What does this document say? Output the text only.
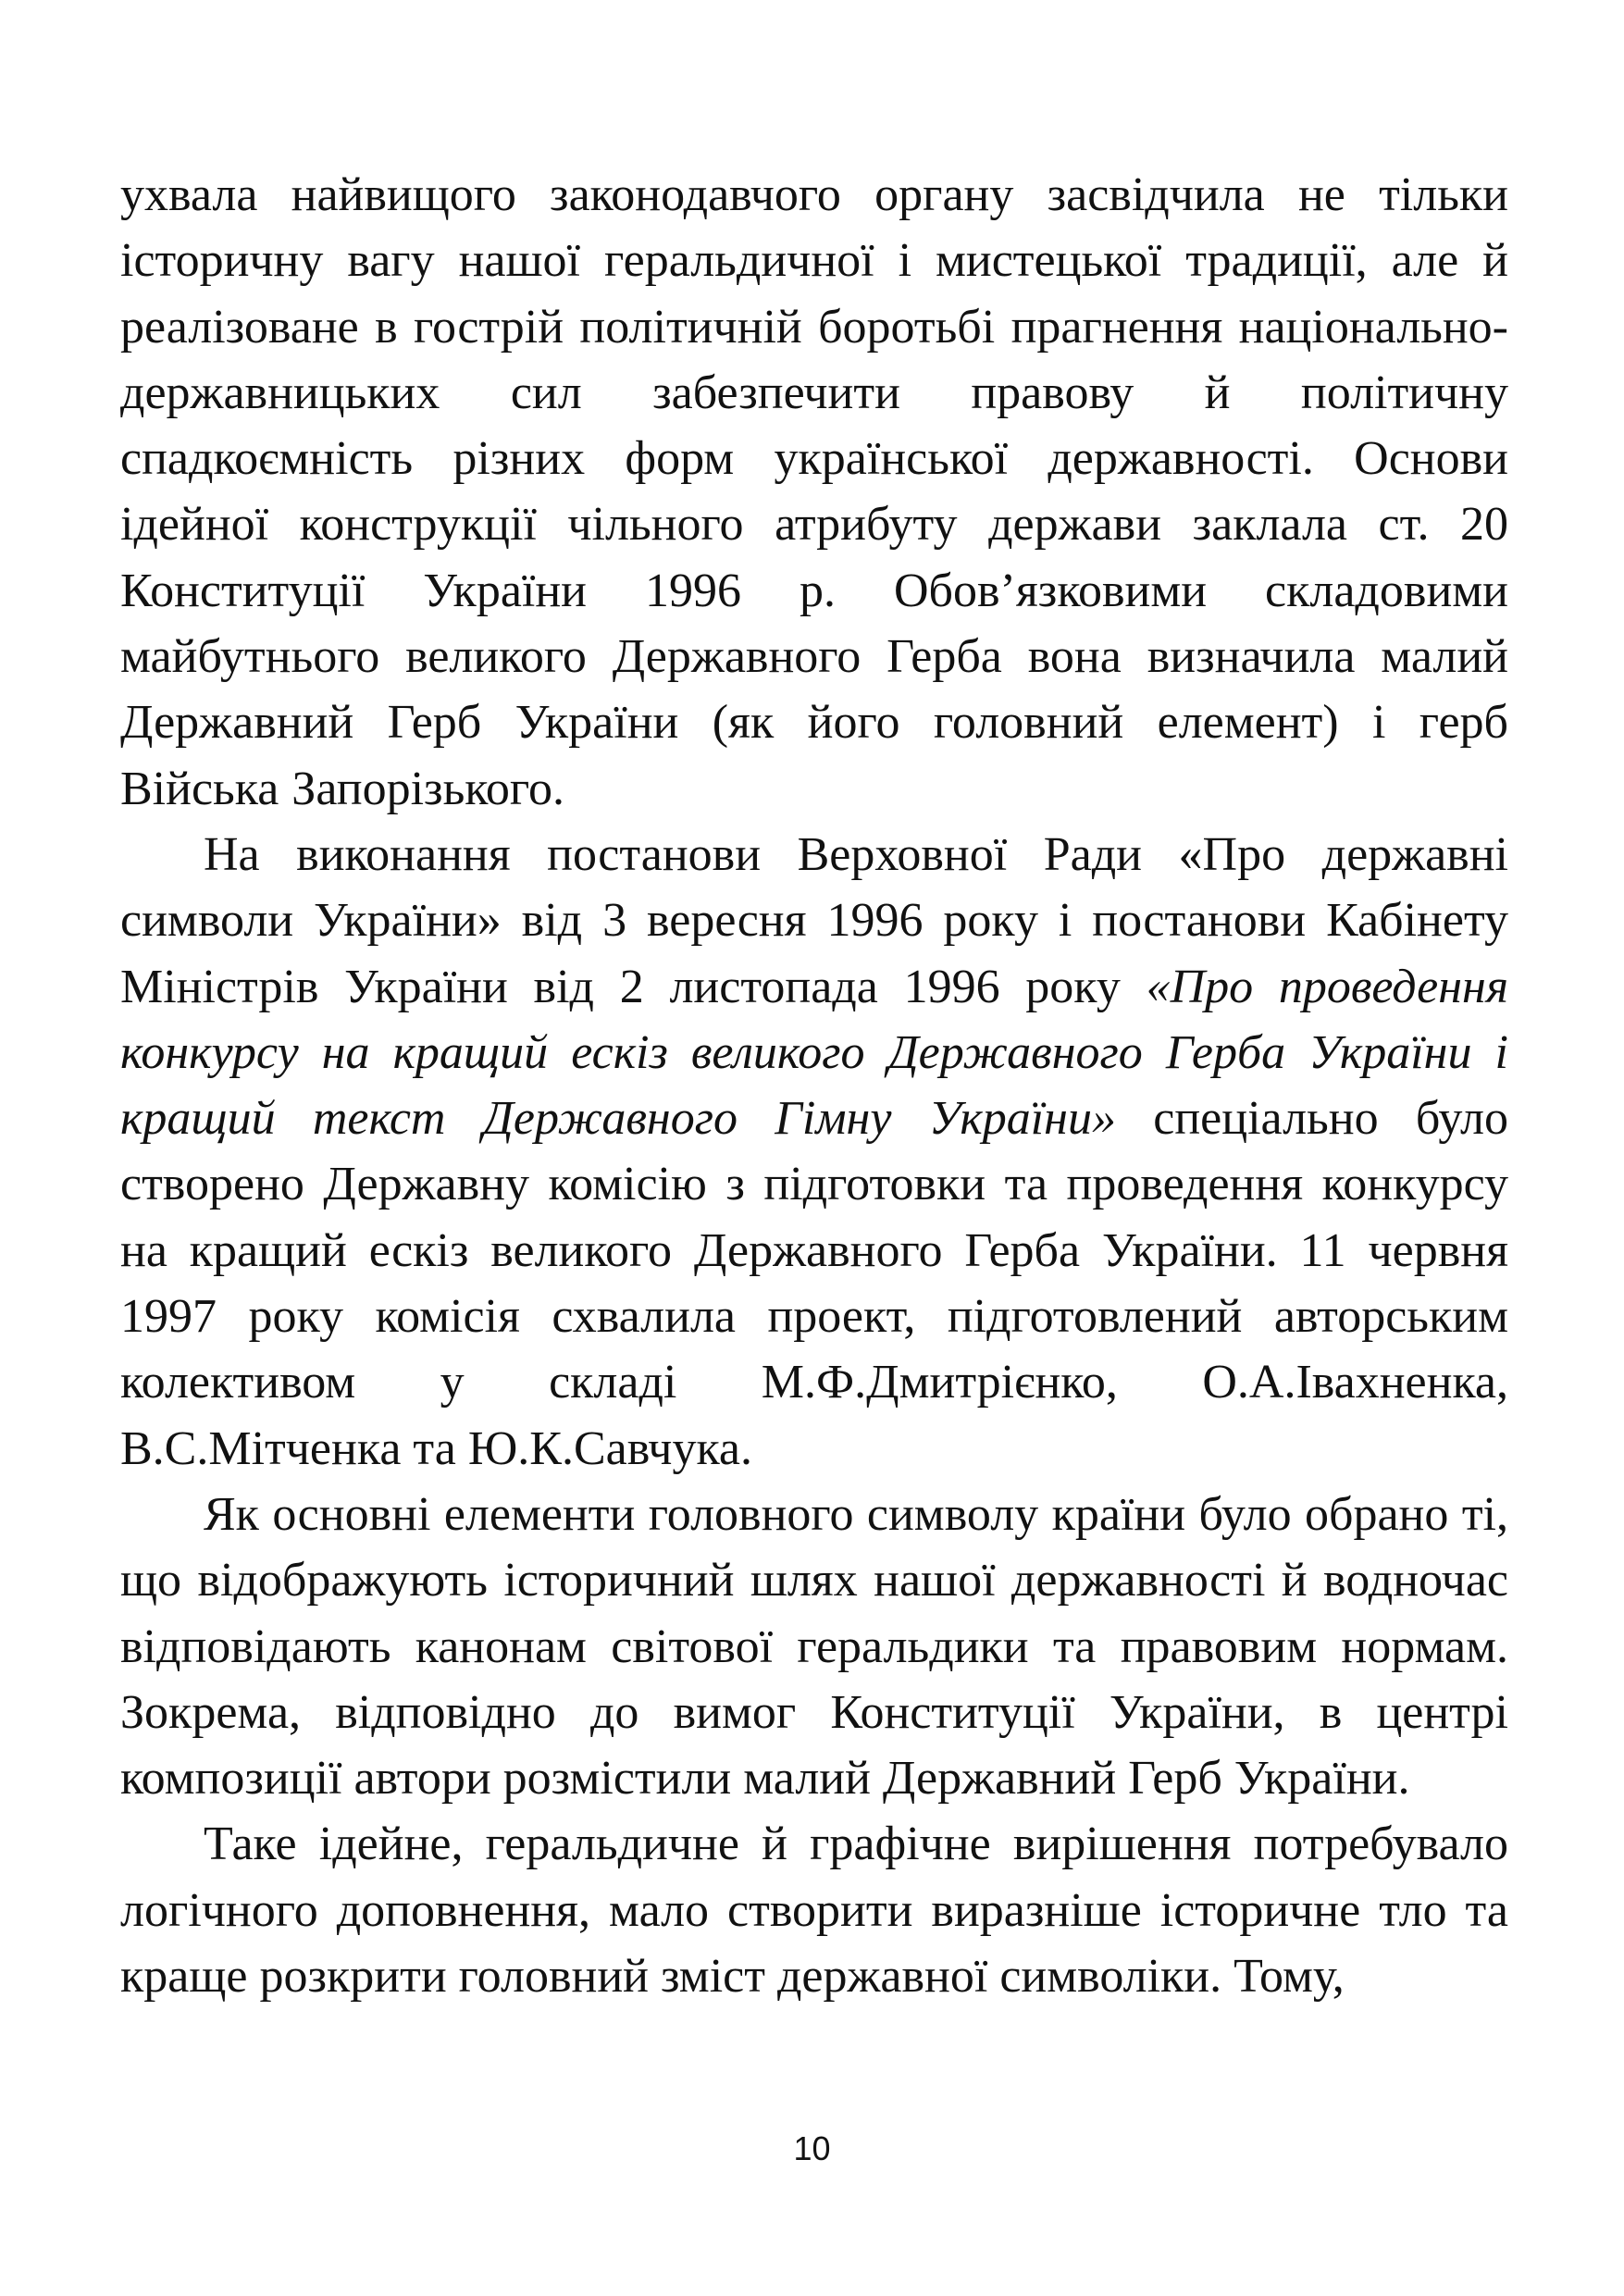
ухвала найвищого законодавчого органу засвідчила не тільки історичну вагу нашої геральдичної і мистецької традиції, але й реалізоване в гострій політичній боротьбі прагнення національно-державницьких сил забезпечити правову й політичну спадкоємність різних форм української державності. Основи ідейної конструкції чільного атрибуту держави заклала ст. 20 Конституції України 1996 р. Обов’язковими складовими майбутнього великого Державного Герба вона визначила малий Державний Герб України (як його головний елемент) і герб Війська Запорізького.

На виконання постанови Верховної Ради «Про державні символи України» від 3 вересня 1996 року і постанови Кабінету Міністрів України від 2 листопада 1996 року «Про проведення конкурсу на кращий ескіз великого Державного Герба України і кращий текст Державного Гімну України» спеціально було створено Державну комісію з підготовки та проведення конкурсу на кращий ескіз великого Державного Герба України. 11 червня 1997 року комісія схвалила проект, підготовлений авторським колективом у складі М.Ф.Дмитрієнко, О.А.Івахненка, В.С.Мітченка та Ю.К.Савчука.

Як основні елементи головного символу країни було обрано ті, що відображують історичний шлях нашої державності й водночас відповідають канонам світової геральдики та правовим нормам. Зокрема, відповідно до вимог Конституції України, в центрі композиції автори розмістили малий Державний Герб України.

Таке ідейне, геральдичне й графічне вирішення потребувало логічного доповнення, мало створити виразніше історичне тло та краще розкрити головний зміст державної символіки. Тому,

10
